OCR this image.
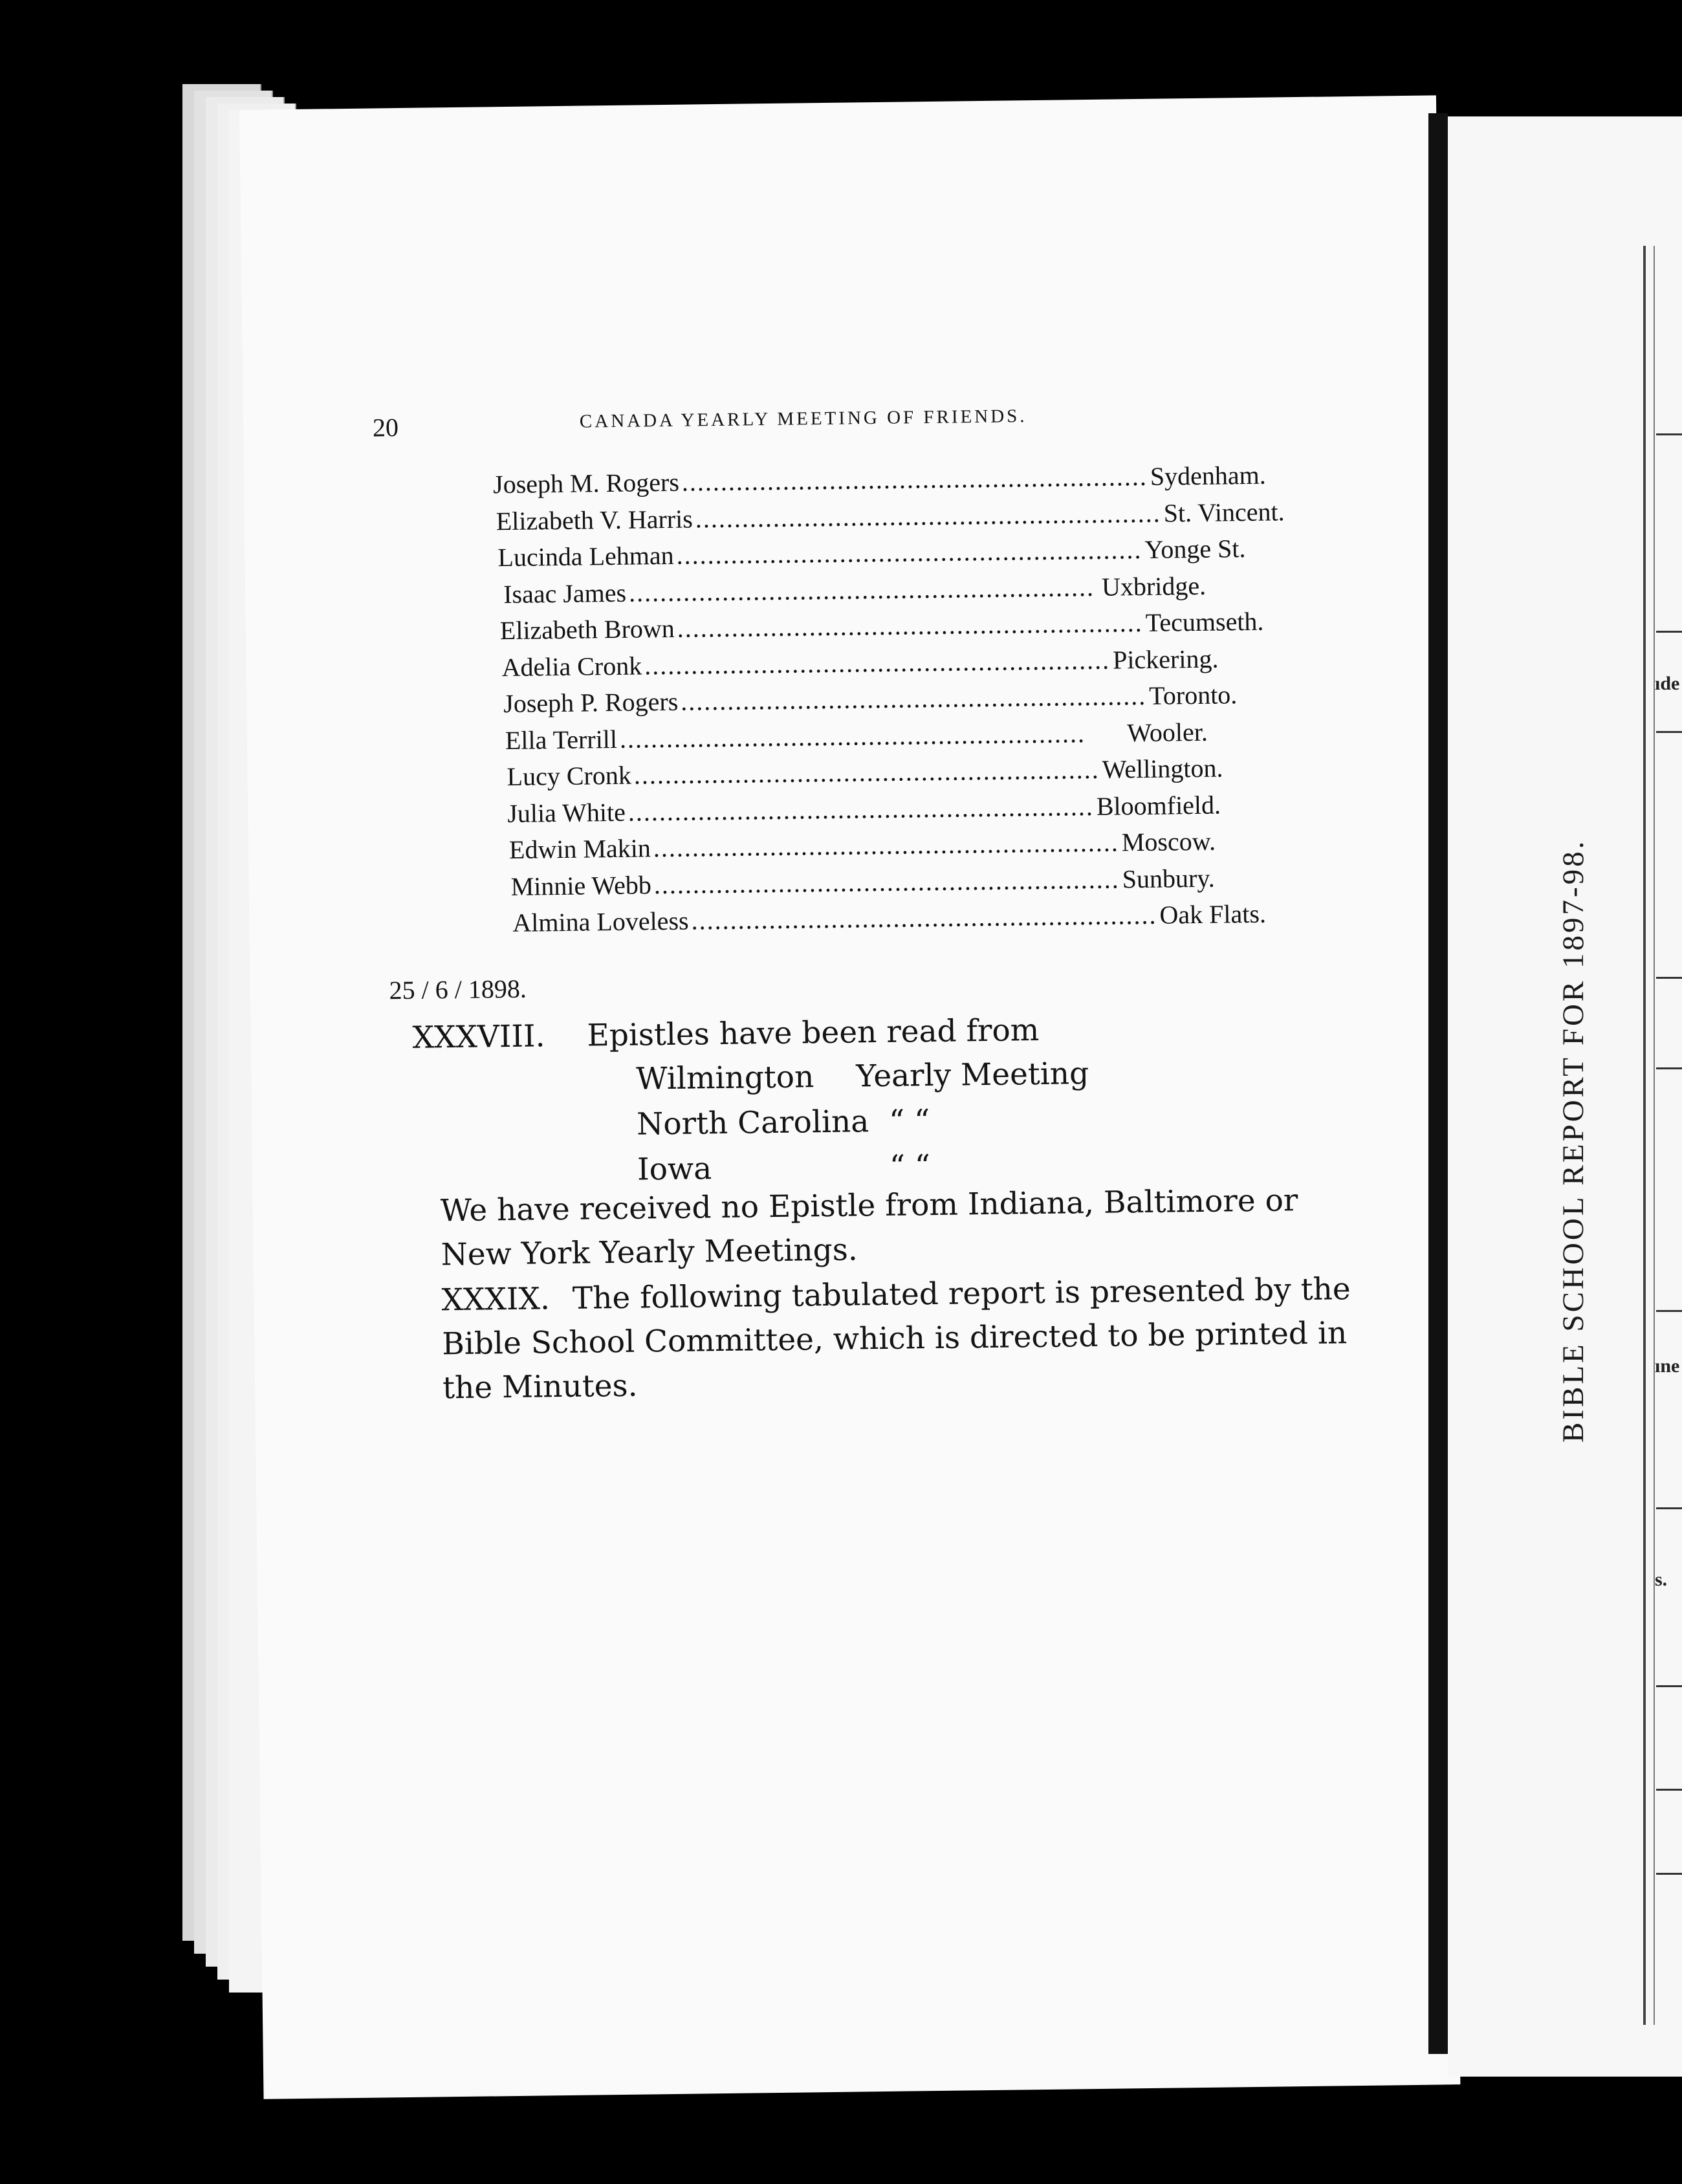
20	CANADA YEARLY MEETING OF FRIENDS.
Joseph M. Rogers ............................................................ Sydenham.
Elizabeth V. Harris ............................................................ St. Vincent.
Lucinda Lehman ............................................................ Yonge St.
Isaac James ............................................................ Uxbridge.
Elizabeth Brown ............................................................ Tecumseth.
Adelia Cronk ............................................................ Pickering.
Joseph P. Rogers ............................................................ Toronto.
Ella Terrill ............................................................	Wooler.
Lucy Cronk ............................................................ Wellington.
Julia White ............................................................ Bloomfield.
Edwin Makin ............................................................ Moscow.
Minnie Webb ............................................................ Sunbury.
Almina Loveless ............................................................ Oak Flats.
25 / 6 / 1898.
XXXVIII. Epistles have been read from
Wilmington Yearly Meeting
North Carolina “ “
Iowa	“ “
We have received no Epistle from Indiana, Baltimore or New York Yearly Meetings.
XXXIX. The following tabulated report is presented by the Bible School Committee, which is directed to be printed in the Minutes.
ıde
ıne
s.
BIBLE SCHOOL REPORT FOR 1897-98.
